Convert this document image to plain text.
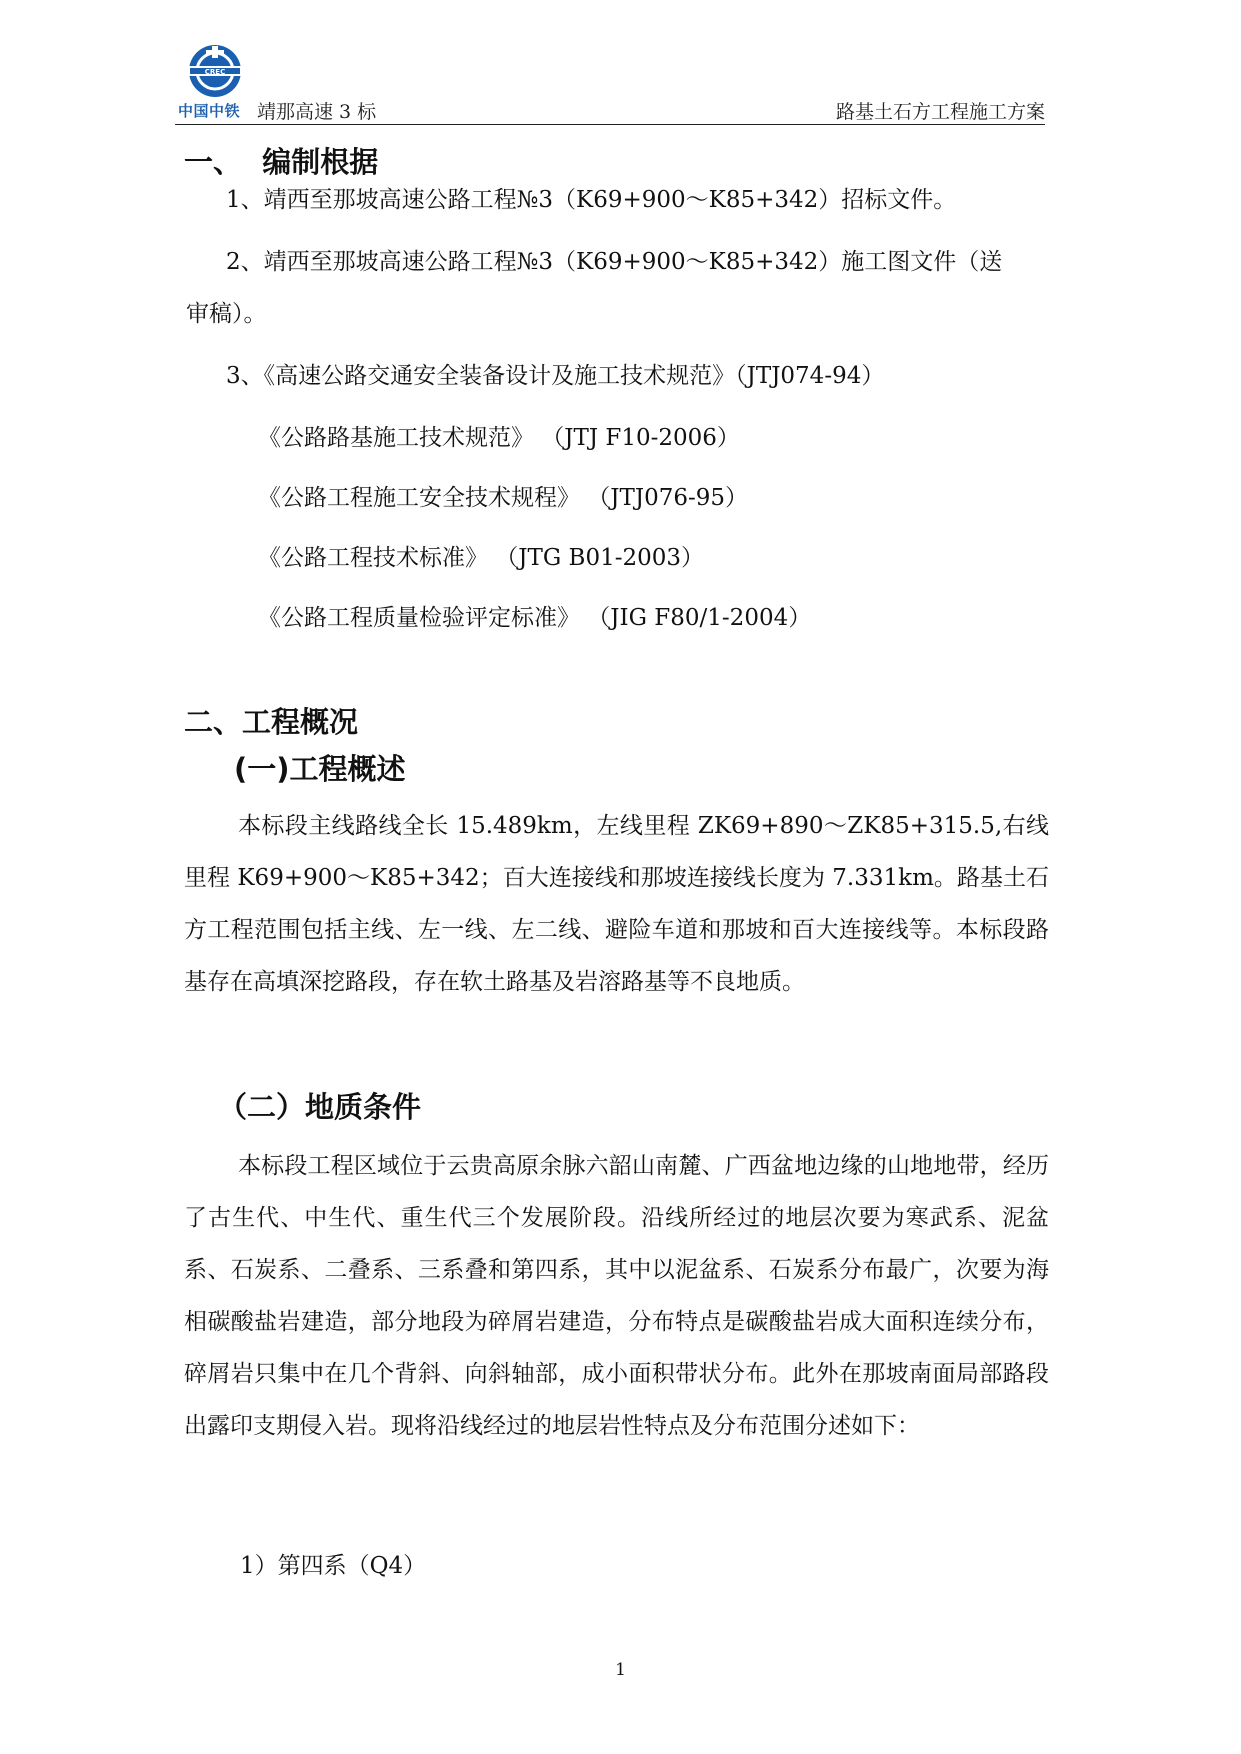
CREC
中国中铁 靖那高速 3 标	路基土石方工程施工方案
一、  编制根据
1、靖西至那坡高速公路工程№3（K69+900～K85+342）招标文件。
2、靖西至那坡高速公路工程№3（K69+900～K85+342）施工图文件（送
审稿）。
3、《高速公路交通安全装备设计及施工技术规范》（JTJ074-94）
《公路路基施工技术规范》 （JTJ F10-2006）
《公路工程施工安全技术规程》 （JTJ076-95）
《公路工程技术标准》 （JTG B01-2003）
《公路工程质量检验评定标准》 （JIG F80/1-2004）
二、工程概况
(一)工程概述
本标段主线路线全长 15.489km，左线里程 ZK69+890～ZK85+315.5,右线里程 K69+900～K85+342；百大连接线和那坡连接线长度为 7.331km。路基土石方工程范围包括主线、左一线、左二线、避险车道和那坡和百大连接线等。本标段路基存在高填深挖路段，存在软土路基及岩溶路基等不良地质。
（二）地质条件
本标段工程区域位于云贵高原余脉六韶山南麓、广西盆地边缘的山地地带，经历了古生代、中生代、重生代三个发展阶段。沿线所经过的地层次要为寒武系、泥盆系、石炭系、二叠系、三系叠和第四系，其中以泥盆系、石炭系分布最广，次要为海相碳酸盐岩建造，部分地段为碎屑岩建造，分布特点是碳酸盐岩成大面积连续分布，碎屑岩只集中在几个背斜、向斜轴部，成小面积带状分布。此外在那坡南面局部路段出露印支期侵入岩。现将沿线经过的地层岩性特点及分布范围分述如下：
1）第四系（Q4）
1
